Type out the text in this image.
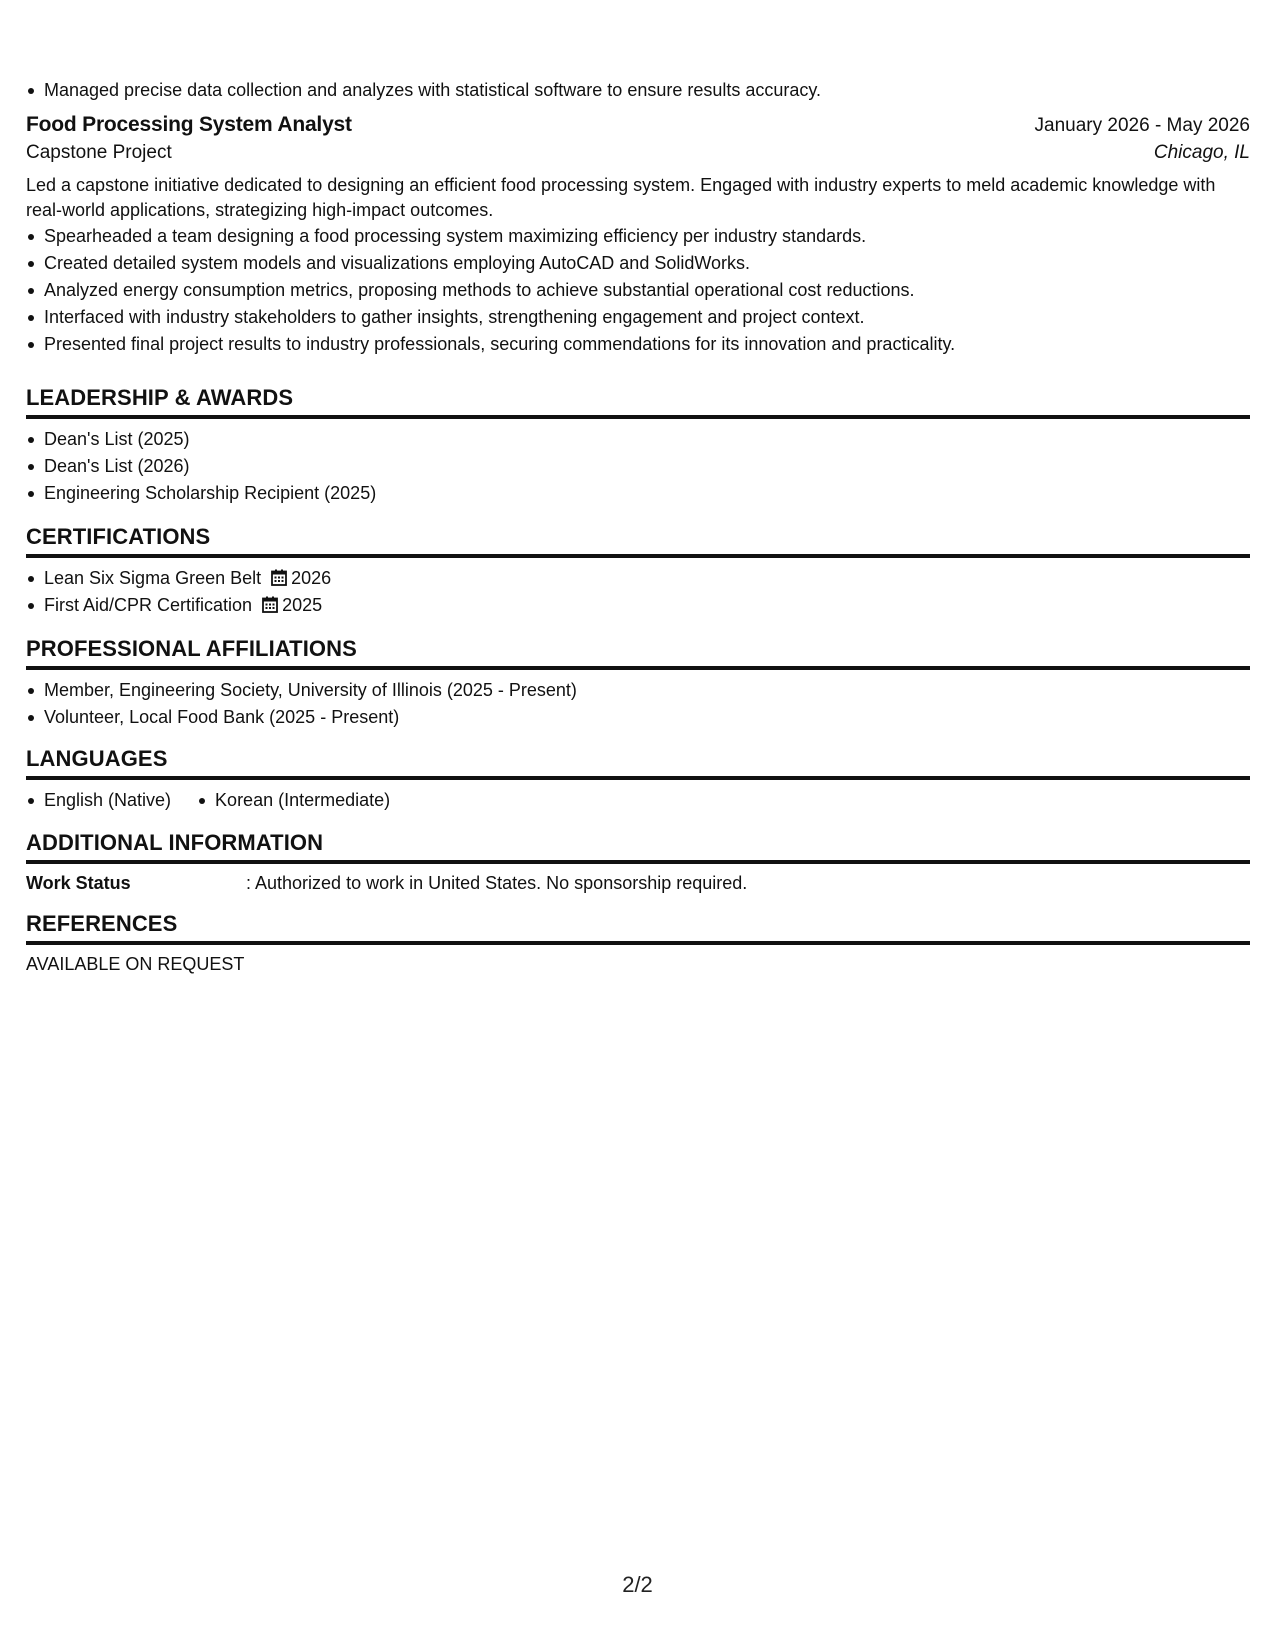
Managed precise data collection and analyzes with statistical software to ensure results accuracy.
Food Processing System Analyst	January 2026 - May 2026
Capstone Project	Chicago, IL
Led a capstone initiative dedicated to designing an efficient food processing system. Engaged with industry experts to meld academic knowledge with real-world applications, strategizing high-impact outcomes.
Spearheaded a team designing a food processing system maximizing efficiency per industry standards.
Created detailed system models and visualizations employing AutoCAD and SolidWorks.
Analyzed energy consumption metrics, proposing methods to achieve substantial operational cost reductions.
Interfaced with industry stakeholders to gather insights, strengthening engagement and project context.
Presented final project results to industry professionals, securing commendations for its innovation and practicality.
LEADERSHIP & AWARDS
Dean's List (2025)
Dean's List (2026)
Engineering Scholarship Recipient (2025)
CERTIFICATIONS
Lean Six Sigma Green Belt 2026
First Aid/CPR Certification 2025
PROFESSIONAL AFFILIATIONS
Member, Engineering Society, University of Illinois (2025 - Present)
Volunteer, Local Food Bank (2025 - Present)
LANGUAGES
English (Native)	Korean (Intermediate)
ADDITIONAL INFORMATION
Work Status	: Authorized to work in United States. No sponsorship required.
REFERENCES
AVAILABLE ON REQUEST
2/2
